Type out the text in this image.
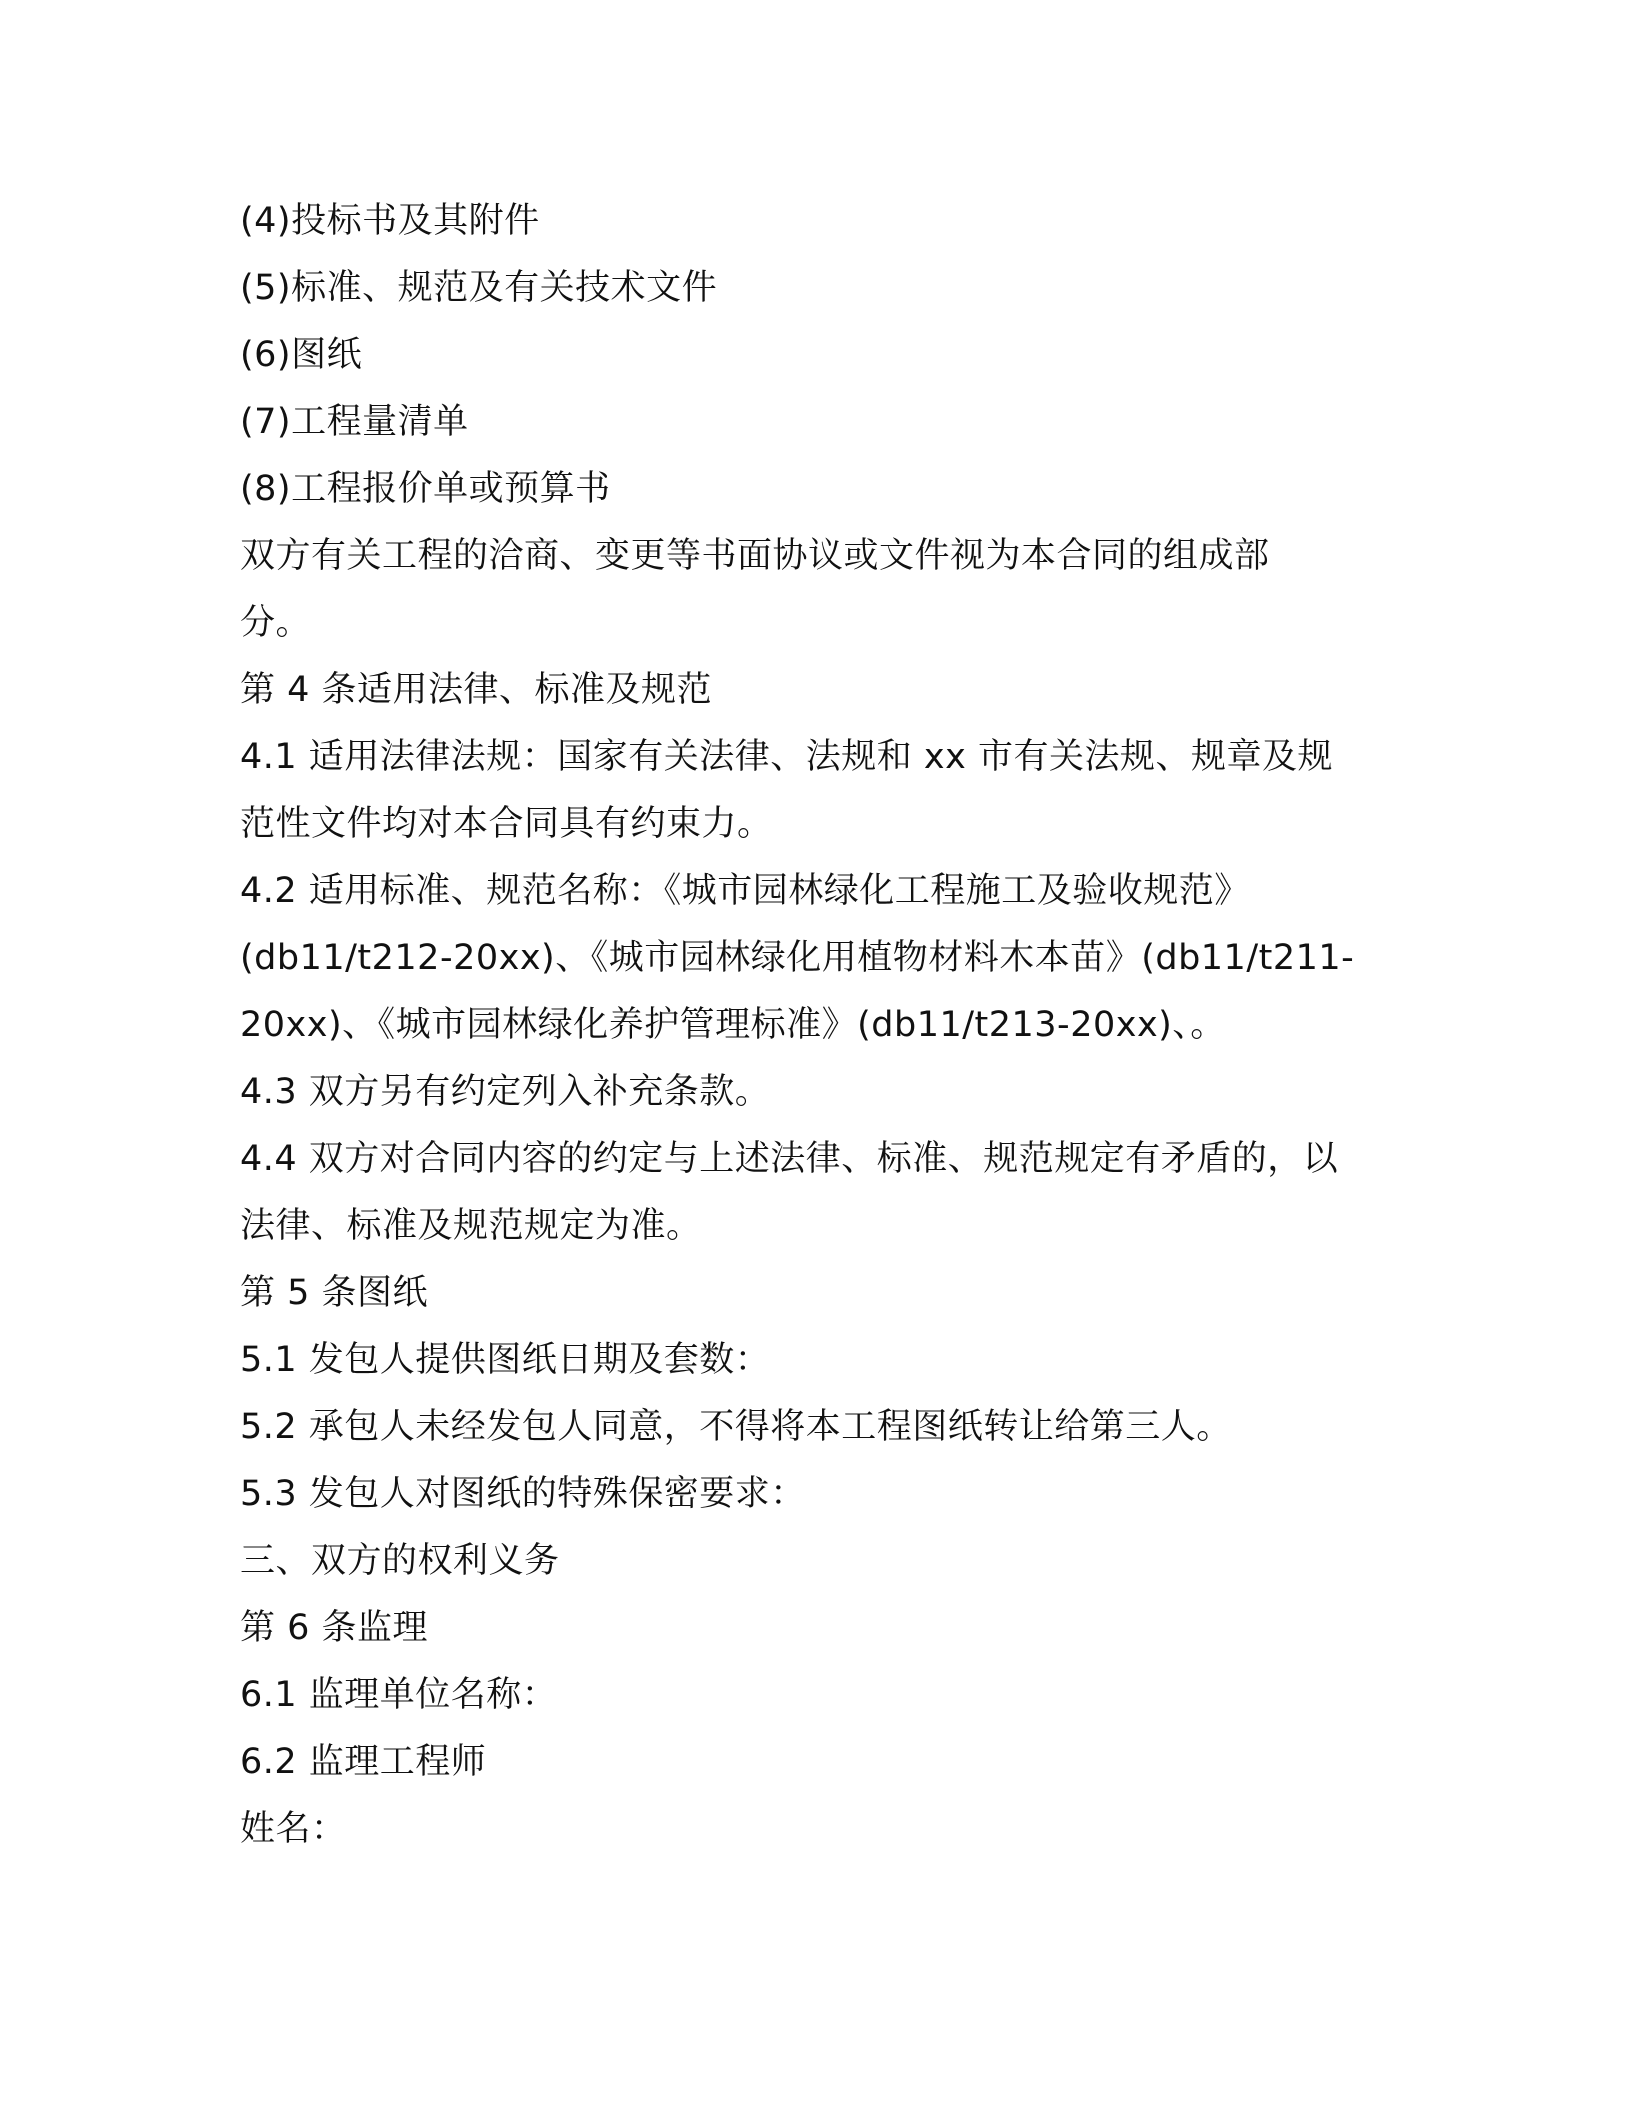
(4)投标书及其附件
(5)标准、规范及有关技术文件
(6)图纸
(7)工程量清单
(8)工程报价单或预算书
双方有关工程的洽商、变更等书面协议或文件视为本合同的组成部
分。
第 4 条适用法律、标准及规范
4.1 适用法律法规：国家有关法律、法规和 xx 市有关法规、规章及规
范性文件均对本合同具有约束力。
4.2 适用标准、规范名称：《城市园林绿化工程施工及验收规范》
(db11/t212-20xx)、《城市园林绿化用植物材料木本苗》(db11/t211-
20xx)、《城市园林绿化养护管理标准》(db11/t213-20xx)、。
4.3 双方另有约定列入补充条款。
4.4 双方对合同内容的约定与上述法律、标准、规范规定有矛盾的，以
法律、标准及规范规定为准。
第 5 条图纸
5.1 发包人提供图纸日期及套数：
5.2 承包人未经发包人同意，不得将本工程图纸转让给第三人。
5.3 发包人对图纸的特殊保密要求：
三、双方的权利义务
第 6 条监理
6.1 监理单位名称：
6.2 监理工程师
姓名：
